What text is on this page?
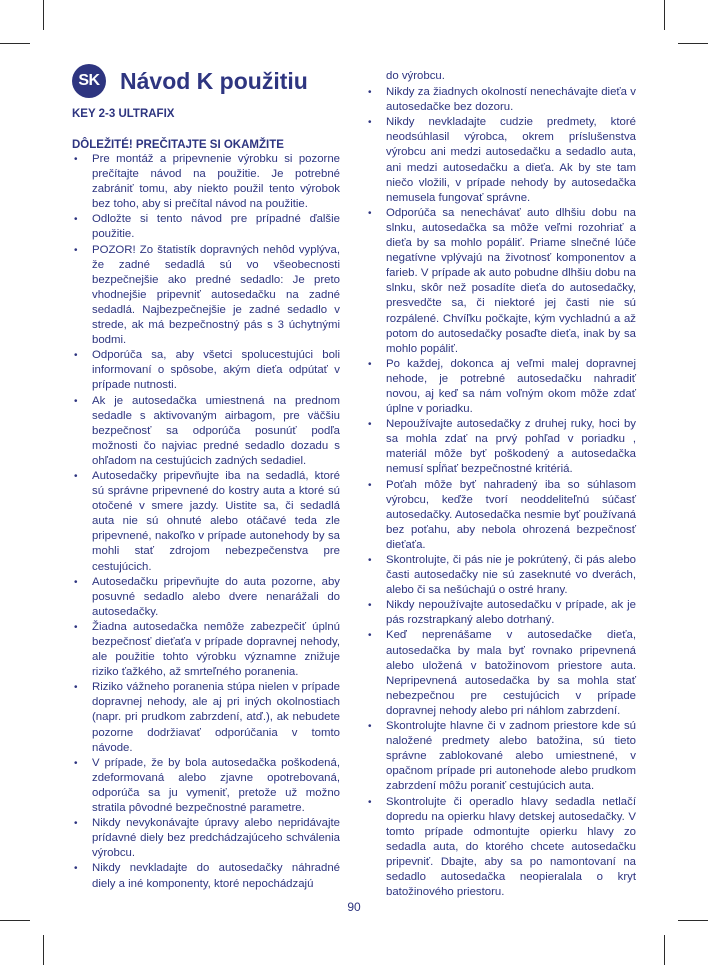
SK Návod K použitiu
KEY 2-3 ULTRAFIX
DÔLEŽITÉ! PREČITAJTE SI OKAMŽITE
• Pre montáž a pripevnenie výrobku si pozorne prečítajte návod na použitie. Je potrebné zabrániť tomu, aby niekto použil tento výrobok bez toho, aby si prečítal návod na použitie.
• Odložte si tento návod pre prípadné ďalšie použitie.
• POZOR! Zo štatistík dopravných nehôd vyplýva, že zadné sedadlá sú vo všeobecnosti bezpečnejšie ako predné sedadlo: Je preto vhodnejšie pripevniť autosedačku na zadné sedadlá. Najbezpečnejšie je zadné sedadlo v strede, ak má bezpečnostný pás s 3 úchytnými bodmi.
• Odporúča sa, aby všetci spolucestujúci boli informovaní o spôsobe, akým dieťa odpútať v prípade nutnosti.
• Ak je autosedačka umiestnená na prednom sedadle s aktivovaným airbagom, pre väčšiu bezpečnosť sa odporúča posunúť podľa možnosti čo najviac predné sedadlo dozadu s ohľadom na cestujúcich zadných sedadiel.
• Autosedačky pripevňujte iba na sedadlá, ktoré sú správne pripevnené do kostry auta a ktoré sú otočené v smere jazdy. Uistite sa, či sedadlá auta nie sú ohnuté alebo otáčavé teda zle pripevnené, nakoľko v prípade autonehody by sa mohli stať zdrojom nebezpečenstva pre cestujúcich.
• Autosedačku pripevňujte do auta pozorne, aby posuvné sedadlo alebo dvere nenarážali do autosedačky.
• Žiadna autosedačka nemôže zabezpečiť úplnú bezpečnosť dieťaťa v prípade dopravnej nehody, ale použitie tohto výrobku významne znižuje riziko ťažkého, až smrteľného poranenia.
• Riziko vážneho poranenia stúpa nielen v prípade dopravnej nehody, ale aj pri iných okolnostiach (napr. pri prudkom zabrzdení, atď.), ak nebudete pozorne dodržiavať odporúčania v tomto návode.
• V prípade, že by bola autosedačka poškodená, zdeformovaná alebo zjavne opotrebovaná, odporúča sa ju vymeniť, pretože už možno stratila pôvodné bezpečnostné parametre.
• Nikdy nevykonávajte úpravy alebo nepridávajte prídavné diely bez predchádzajúceho schválenia výrobcu.
• Nikdy nevkladajte do autosedačky náhradné diely a iné komponenty, ktoré nepochádzajú

do výrobcu.

• Nikdy za žiadnych okolností nenechávajte dieťa v autosedačke bez dozoru.
• Nikdy nevkladajte cudzie predmety, ktoré neodsúhlasil výrobca, okrem príslušenstva výrobcu ani medzi autosedačku a sedadlo auta, ani medzi autosedačku a dieťa. Ak by ste tam niečo vložili, v prípade nehody by autosedačka nemusela fungovať správne.
• Odporúča sa nenechávať auto dlhšiu dobu na slnku, autosedačka sa môže veľmi rozohriať a dieťa by sa mohlo popáliť. Priame slnečné lúče negatívne vplývajú na životnosť komponentov a farieb. V prípade ak auto pobudne dlhšiu dobu na slnku, skôr než posadíte dieťa do autosedačky, presvedčte sa, či niektoré jej časti nie sú rozpálené. Chvíľku počkajte, kým vychladnú a až potom do autosedačky posaďte dieťa, inak by sa mohlo popáliť.
• Po každej, dokonca aj veľmi malej dopravnej nehode, je potrebné autosedačku nahradiť novou, aj keď sa nám voľným okom môže zdať úplne v poriadku.
• Nepoužívajte autosedačky z druhej ruky, hoci by sa mohla zdať na prvý pohľad v poriadku , materiál môže byť poškodený a autosedačka nemusí spĺňať bezpečnostné kritériá.
• Poťah môže byť nahradený iba so súhlasom výrobcu, keďže tvorí neoddeliteľnú súčasť autosedačky. Autosedačka nesmie byť používaná bez poťahu, aby nebola ohrozená bezpečnosť dieťaťa.
• Skontrolujte, či pás nie je pokrútený, či pás alebo časti autosedačky nie sú zaseknuté vo dverách, alebo či sa nešúchajú o ostré hrany.
• Nikdy nepoužívajte autosedačku v prípade, ak je pás rozstrapkaný alebo dotrhaný.
• Keď neprenášame v autosedačke dieťa, autosedačka by mala byť rovnako pripevnená alebo uložená v batožinovom priestore auta. Nepripevnená autosedačka by sa mohla stať nebezpečnou pre cestujúcich v prípade dopravnej nehody alebo pri náhlom zabrzdení.
• Skontrolujte hlavne či v zadnom priestore kde sú naložené predmety alebo batožina, sú tieto správne zablokované alebo umiestnené, v opačnom prípade pri autonehode alebo prudkom zabrzdení môžu poraniť cestujúcich auta.
• Skontrolujte či operadlo hlavy sedadla netlačí dopredu na opierku hlavy detskej autosedačky. V tomto prípade odmontujte opierku hlavy zo sedadla auta, do ktorého chcete autosedačku pripevniť. Dbajte, aby sa po namontovaní na sedadlo autosedačka neopieralala o kryt batožinového priestoru.
90
